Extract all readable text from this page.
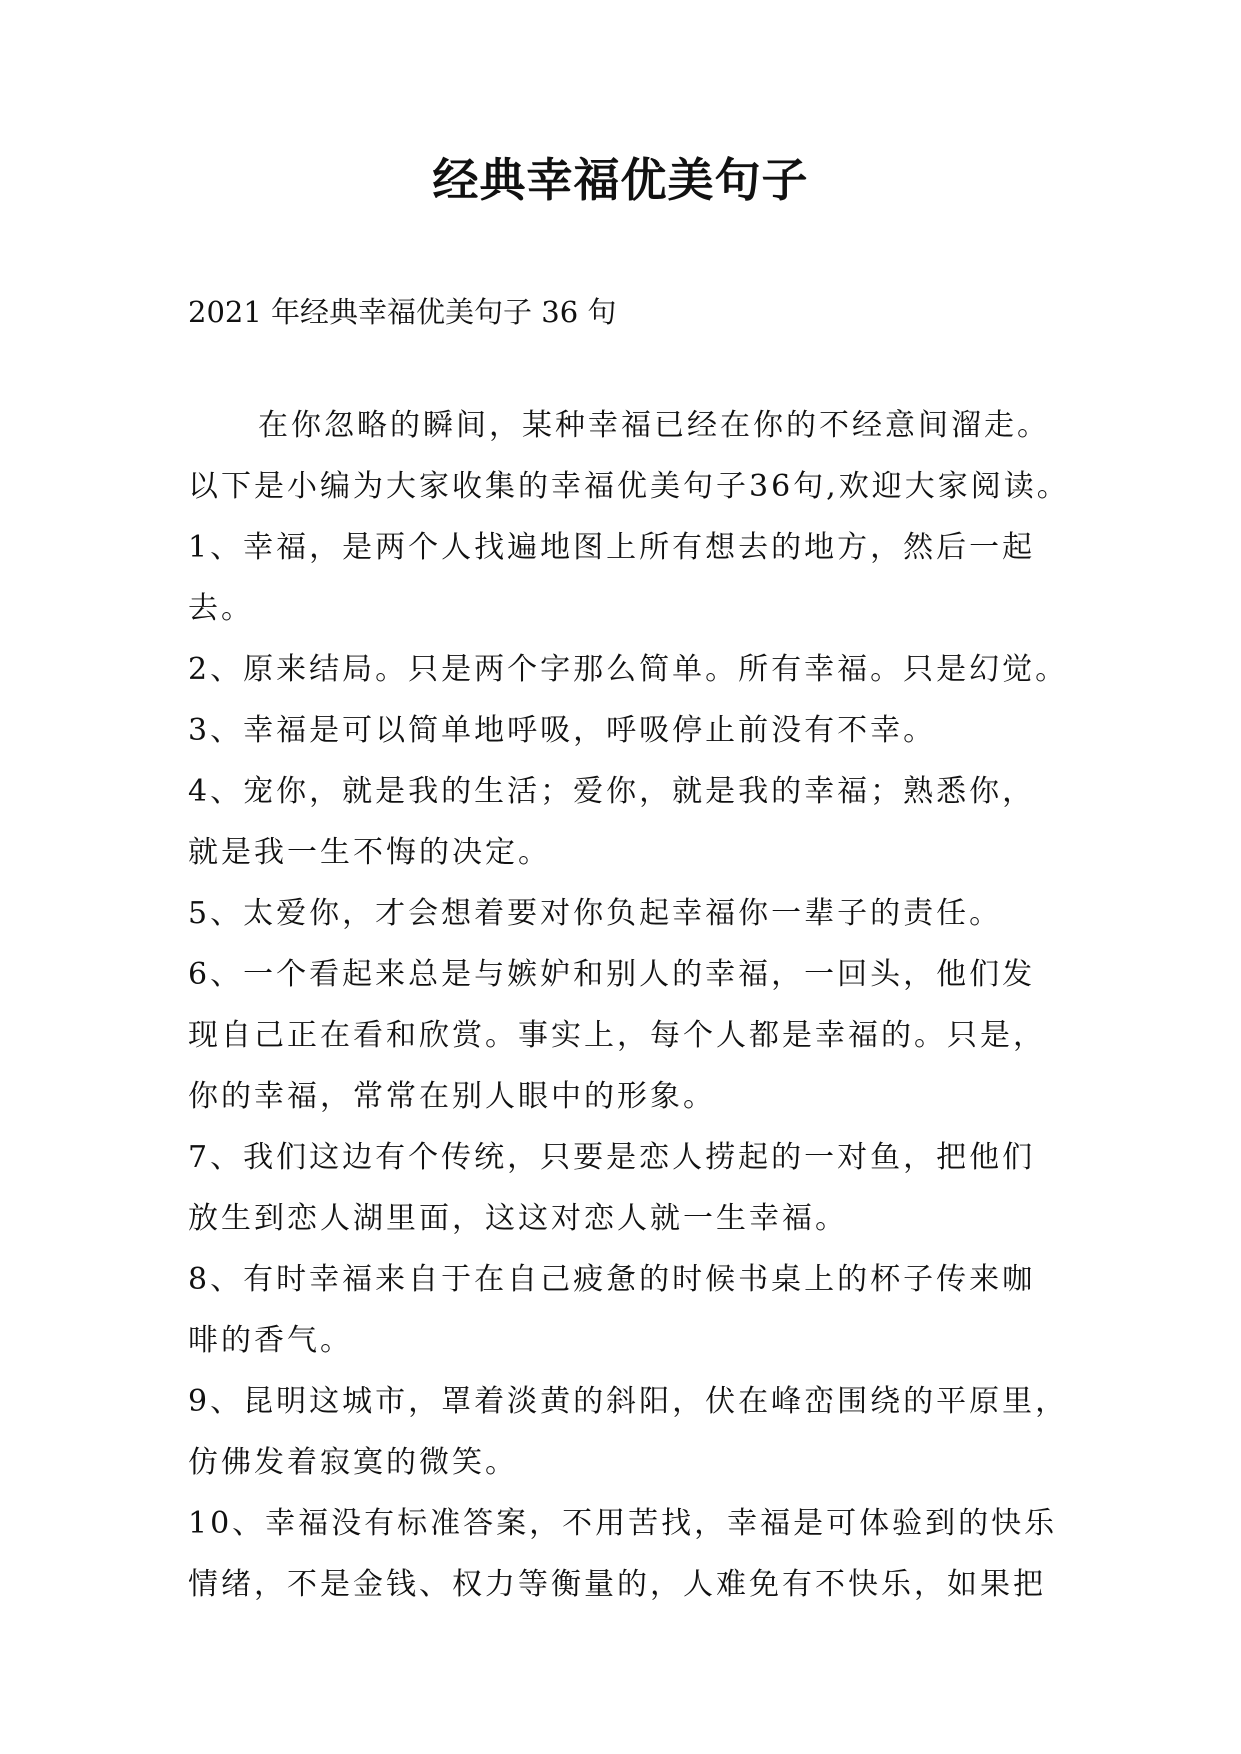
经典幸福优美句子

2021 年经典幸福优美句子 36 句

在你忽略的瞬间，某种幸福已经在你的不经意间溜走。

以下是小编为大家收集的幸福优美句子36句,欢迎大家阅读。

1、幸福，是两个人找遍地图上所有想去的地方，然后一起

去。

2、原来结局。只是两个字那么简单。所有幸福。只是幻觉。

3、幸福是可以简单地呼吸，呼吸停止前没有不幸。

4、宠你，就是我的生活；爱你，就是我的幸福；熟悉你，

就是我一生不悔的决定。

5、太爱你，才会想着要对你负起幸福你一辈子的责任。

6、一个看起来总是与嫉妒和别人的幸福，一回头，他们发

现自己正在看和欣赏。事实上，每个人都是幸福的。只是，

你的幸福，常常在别人眼中的形象。

7、我们这边有个传统，只要是恋人捞起的一对鱼，把他们

放生到恋人湖里面，这这对恋人就一生幸福。

8、有时幸福来自于在自己疲惫的时候书桌上的杯子传来咖

啡的香气。

9、昆明这城市，罩着淡黄的斜阳，伏在峰峦围绕的平原里，

仿佛发着寂寞的微笑。

10、幸福没有标准答案，不用苦找，幸福是可体验到的快乐

情绪，不是金钱、权力等衡量的，人难免有不快乐，如果把
